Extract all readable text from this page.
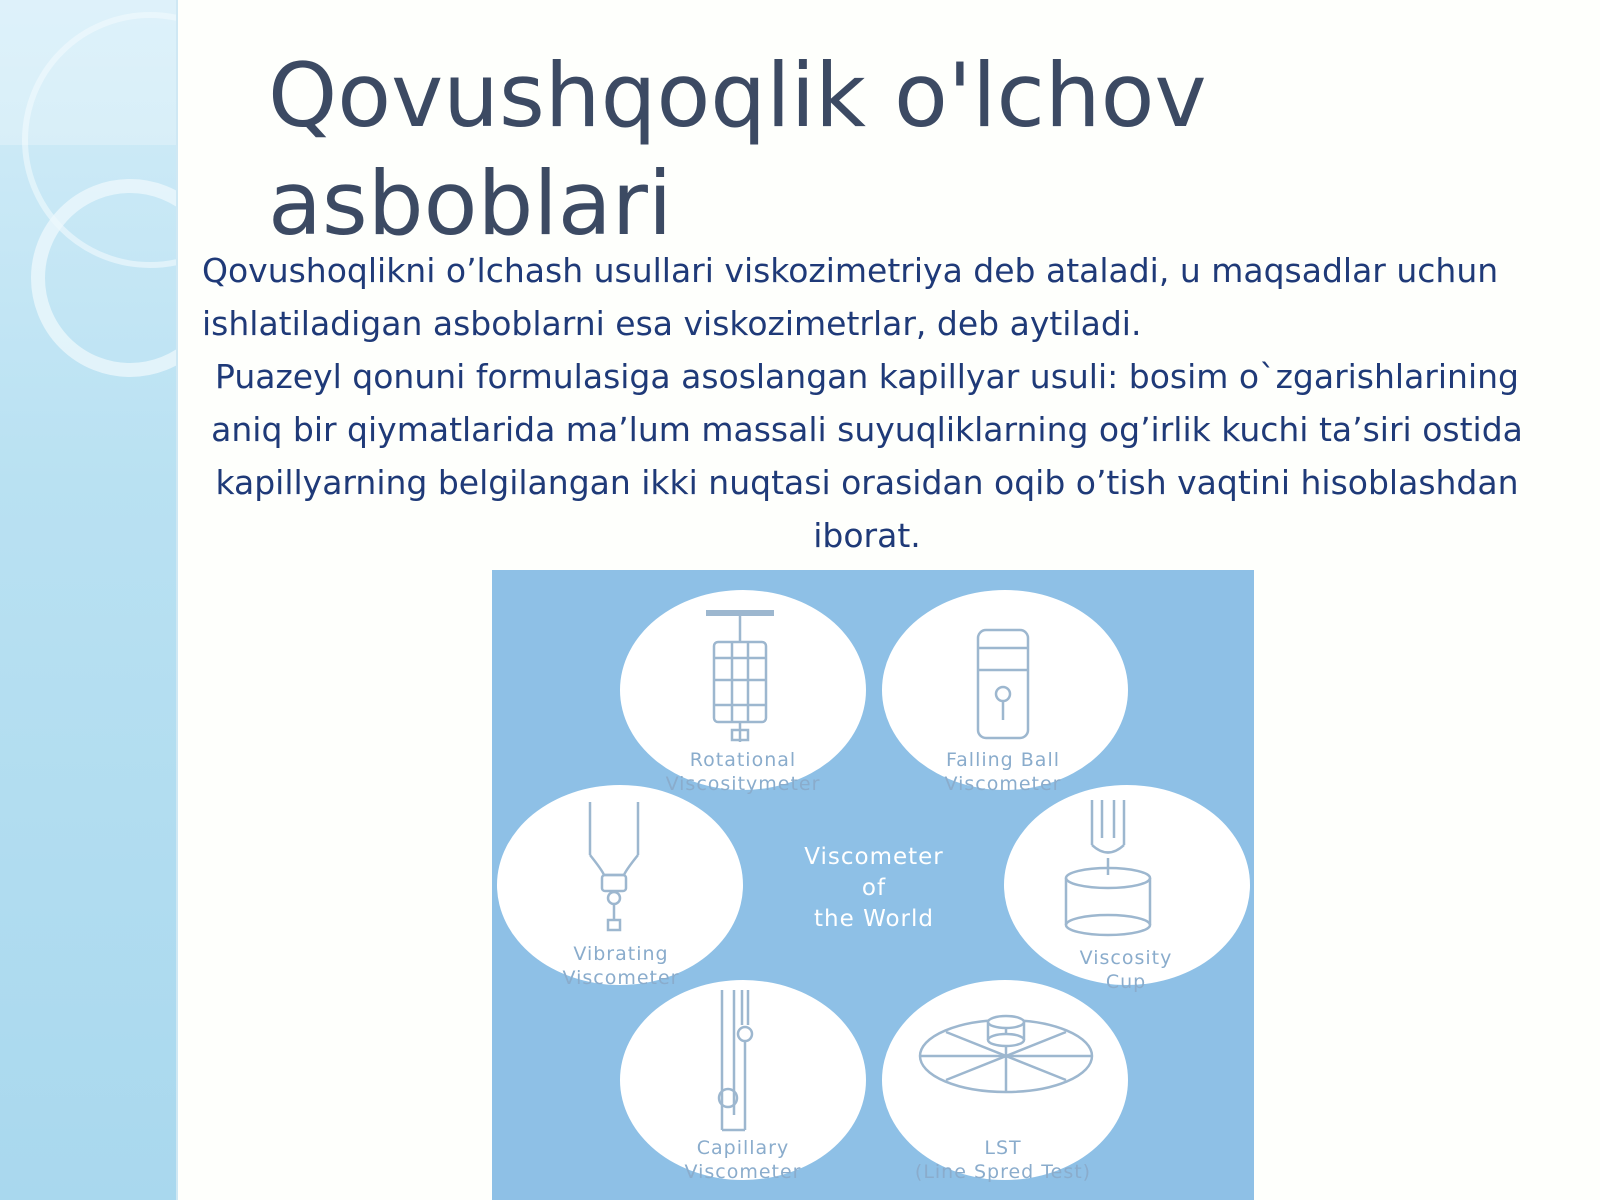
Qovushqoqlik o'lchov asboblari

Qovushoqlikni o’lchash usullari viskozimetriya deb ataladi, u maqsadlar uchun ishlatiladigan asboblarni esa viskozimetrlar, deb aytiladi.

Puazeyl qonuni formulasiga asoslangan kapillyar usuli: bosim o`zgarishlarining aniq bir qiymatlarida ma’lum massali suyuqliklarning og’irlik kuchi ta’siri ostida kapillyarning belgilangan ikki nuqtasi orasidan oqib o’tish vaqtini hisoblashdan iborat.

Viscometer
of
the World
Rotational
Viscositymeter
Falling Ball
Viscometer
Vibrating
Viscometer
Viscosity
Cup
Capillary
Viscometer
LST
(Line Spred Test)
